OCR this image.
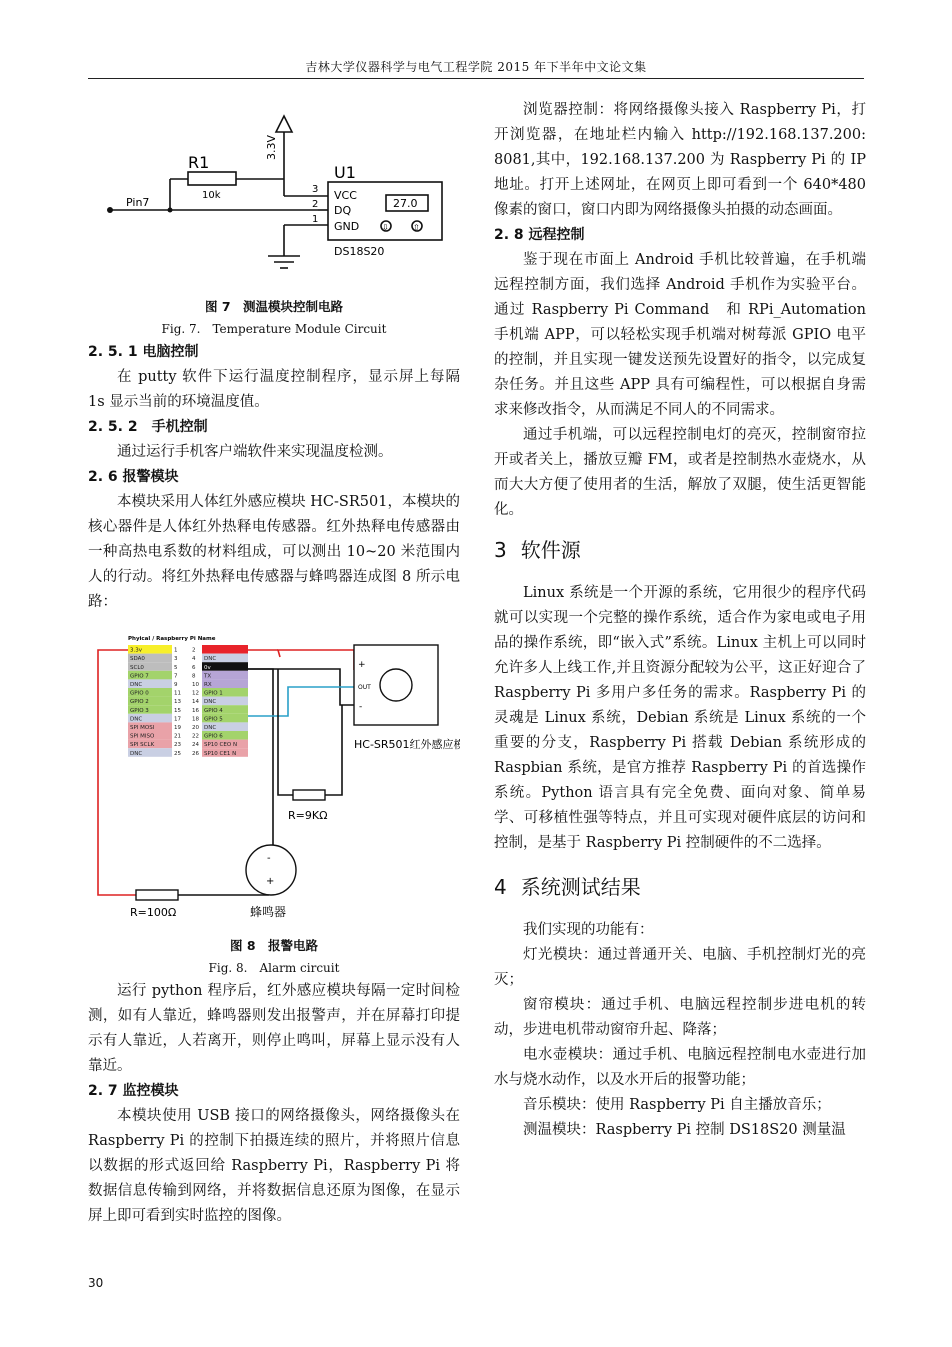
吉林大学仪器科学与电气工程学院 2015 年下半年中文论文集
3.3V
R1
10k
U1
Pin7
3
2
1
VCC
DQ
GND
27.0
⇩	⇧
DS18S20
图 7　测温模块控制电路
Fig. 7.　Temperature Module Circuit
2. 5. 1 电脑控制

在 putty 软件下运行温度控制程序，显示屏上每隔 1s 显示当前的环境温度值。

2. 5. 2　手机控制

通过运行手机客户端软件来实现温度检测。

2. 6 报警模块

本模块采用人体红外感应模块 HC-SR501，本模块的核心器件是人体红外热释电传感器。红外热释电传感器由一种高热电系数的材料组成，可以测出 10~20 米范围内人的行动。将红外热释电传感器与蜂鸣器连成图 8 所示电路：

Phyical / Raspberry Pi Name
3.3v	1	2
SDA0	3	4 DNC
SCL0	5	6 0v
GPIO 7	7	8 TX
DNC	9	10 RX
GPIO 0	11 12 GPIO 1
GPIO 2	13 14 DNC
GPIO 3	15 16 GPIO 4
DNC	17 18 GPIO 5
SPI MOSI	19 20 DNC
SPI MISO	21 22 GPIO 6
SPI SCLK	23 24 SP10 CEO N
DNC	25 26 SP10 CE1 N
+
OUT
-
HC-SR501红外感应模
R=9KΩ
-
+
蜂鸣器
R=100Ω
图 8　报警电路
Fig. 8.　Alarm circuit

运行 python 程序后，红外感应模块每隔一定时间检测，如有人靠近，蜂鸣器则发出报警声，并在屏幕打印提示有人靠近，人若离开，则停止鸣叫，屏幕上显示没有人靠近。

2. 7 监控模块

本模块使用 USB 接口的网络摄像头，网络摄像头在 Raspberry Pi 的控制下拍摄连续的照片，并将照片信息以数据的形式返回给 Raspberry Pi，Raspberry Pi 将数据信息传输到网络，并将数据信息还原为图像，在显示屏上即可看到实时监控的图像。

浏览器控制：将网络摄像头接入 Raspberry Pi，打开浏览器，在地址栏内输入 http://192.168.137.200: 8081,其中，192.168.137.200 为 Raspberry Pi 的 IP 地址。打开上述网址，在网页上即可看到一个 640*480 像素的窗口，窗口内即为网络摄像头拍摄的动态画面。

2. 8 远程控制

鉴于现在市面上 Android 手机比较普遍，在手机端远程控制方面，我们选择 Android 手机作为实验平台。通过 Raspberry Pi Command　和 RPi_Automation 手机端 APP，可以轻松实现手机端对树莓派 GPIO 电平的控制，并且实现一键发送预先设置好的指令，以完成复杂任务。并且这些 APP 具有可编程性，可以根据自身需求来修改指令，从而满足不同人的不同需求。

通过手机端，可以远程控制电灯的亮灭，控制窗帘拉开或者关上，播放豆瓣 FM，或者是控制热水壶烧水，从而大大方便了使用者的生活，解放了双腿，使生活更智能化。

3 软件源

Linux 系统是一个开源的系统，它用很少的程序代码就可以实现一个完整的操作系统，适合作为家电或电子用品的操作系统，即“嵌入式”系统。Linux 主机上可以同时允许多人上线工作,并且资源分配较为公平，这正好迎合了 Raspberry Pi 多用户多任务的需求。Raspberry Pi 的灵魂是 Linux 系统，Debian 系统是 Linux 系统的一个重要的分支，Raspberry Pi 搭载 Debian 系统形成的 Raspbian 系统，是官方推荐 Raspberry Pi 的首选操作系统。Python 语言具有完全免费、面向对象、简单易学、可移植性强等特点，并且可实现对硬件底层的访问和控制，是基于 Raspberry Pi 控制硬件的不二选择。

4 系统测试结果

我们实现的功能有：

灯光模块：通过普通开关、电脑、手机控制灯光的亮灭；

窗帘模块：通过手机、电脑远程控制步进电机的转动，步进电机带动窗帘升起、降落；

电水壶模块：通过手机、电脑远程控制电水壶进行加水与烧水动作，以及水开后的报警功能；

音乐模块：使用 Raspberry Pi 自主播放音乐；

测温模块：Raspberry Pi 控制 DS18S20 测量温

30
